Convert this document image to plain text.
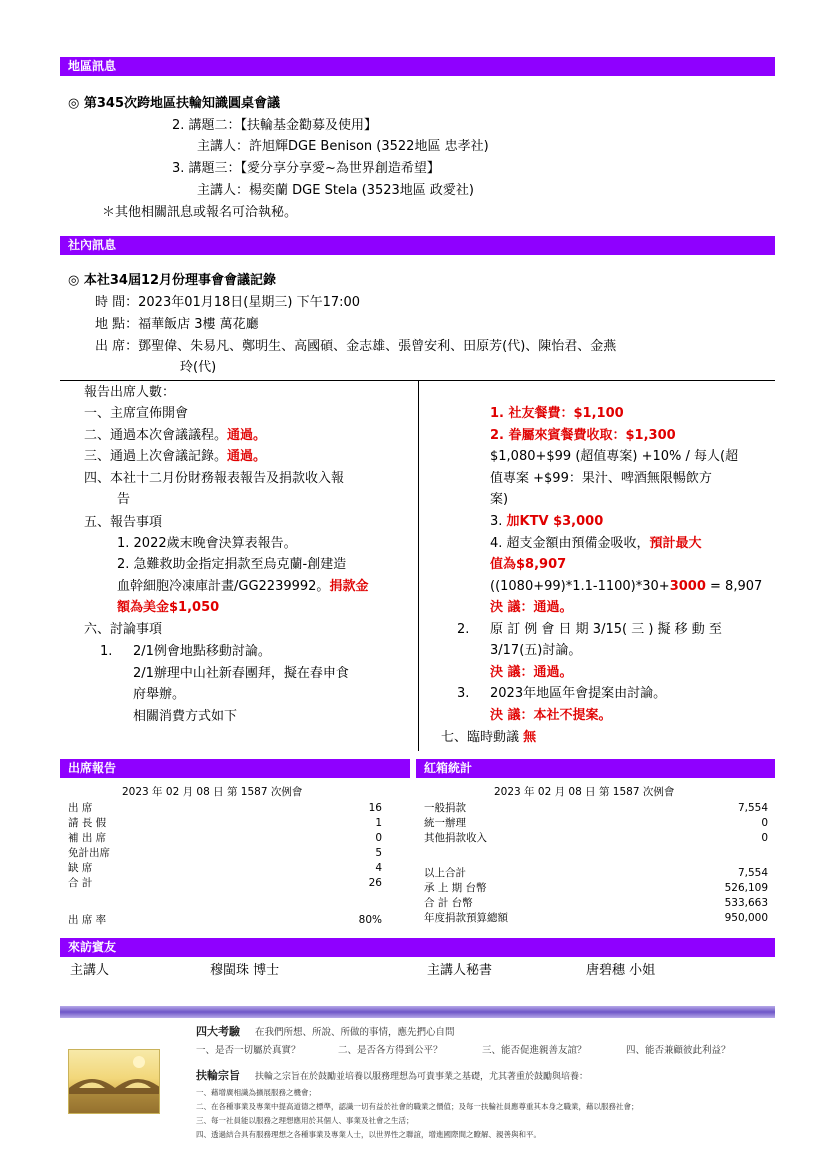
地區訊息
◎ 第345次跨地區扶輪知識圓桌會議
2. 講題二：【扶輪基金勸募及使用】
主講人：許旭輝DGE Benison (3522地區 忠孝社)
3. 講題三：【愛分享分享愛~為世界創造希望】
主講人：楊奕蘭 DGE Stela (3523地區 政愛社)
＊其他相關訊息或報名可洽執秘。
社內訊息
◎ 本社34屆12月份理事會會議記錄
時 間：2023年01月18日(星期三) 下午17:00
地 點：福華飯店 3樓 萬花廳
出 席：鄧聖偉、朱易凡、鄭明生、高國碩、金志雄、張曾安利、田原芳(代)、陳怡君、金燕
玲(代)
報告出席人數：
一、主席宣佈開會
二、通過本次會議議程。通過。
三、通過上次會議記錄。通過。
四、本社十二月份財務報表報告及捐款收入報
告
五、報告事項
1. 2022歲末晚會決算表報告。
2. 急難救助金指定捐款至烏克蘭-創建造
血幹細胞冷凍庫計畫/GG2239992。捐款金
額為美金$1,050
六、討論事項
1. 2/1例會地點移動討論。
2/1辦理中山社新春團拜，擬在春申食
府舉辦。
相關消費方式如下
1. 社友餐費：$1,100
2. 眷屬來賓餐費收取：$1,300
$1,080+$99 (超值專案) +10% / 每人(超
值專案 +$99：果汁、啤酒無限暢飲方
案)
3. 加KTV $3,000
4. 超支金額由預備金吸收，預計最大
值為$8,907
((1080+99)*1.1-1100)*30+3000 = 8,907
決 議：通過。
2. 原 訂 例 會 日 期 3/15( 三 ) 擬 移 動 至
3/17(五)討論。
決 議：通過。
3. 2023年地區年會提案由討論。
決 議：本社不提案。
七、臨時動議 無
出席報告	紅箱統計
2023 年 02 月 08 日 第 1587 次例會
出 席	16
請 長 假	1
補 出 席	0
免計出席	5
缺 席	4
合 計	26
出 席 率	80%
2023 年 02 月 08 日 第 1587 次例會
一般捐款	7,554
統一辦理	0
其他捐款收入	0
以上合計	7,554
承 上 期 台幣	526,109
合 計 台幣	533,663
年度捐款預算總額	950,000
來訪賓友
主講人	穆閩珠 博士	主講人秘書	唐碧穗 小姐
四大考驗 在我們所想、所說、所做的事情，應先捫心自問
一、是否一切屬於真實？	二、是否各方得到公平？	三、能否促進親善友誼？	四、能否兼顧彼此利益？
扶輪宗旨 扶輪之宗旨在於鼓勵並培養以服務理想為可貴事業之基礎，尤其著重於鼓勵與培養：
一、藉增廣相識為擴展服務之機會；
二、在各種事業及專業中提高道德之標準，認識一切有益於社會的職業之價值；及每一扶輪社員應尊重其本身之職業，藉以服務社會；
三、每一社員能以服務之理想應用於其個人、事業及社會之生活；
四、透過結合具有服務理想之各種事業及專業人士，以世界性之聯誼，增進國際間之瞭解、親善與和平。
